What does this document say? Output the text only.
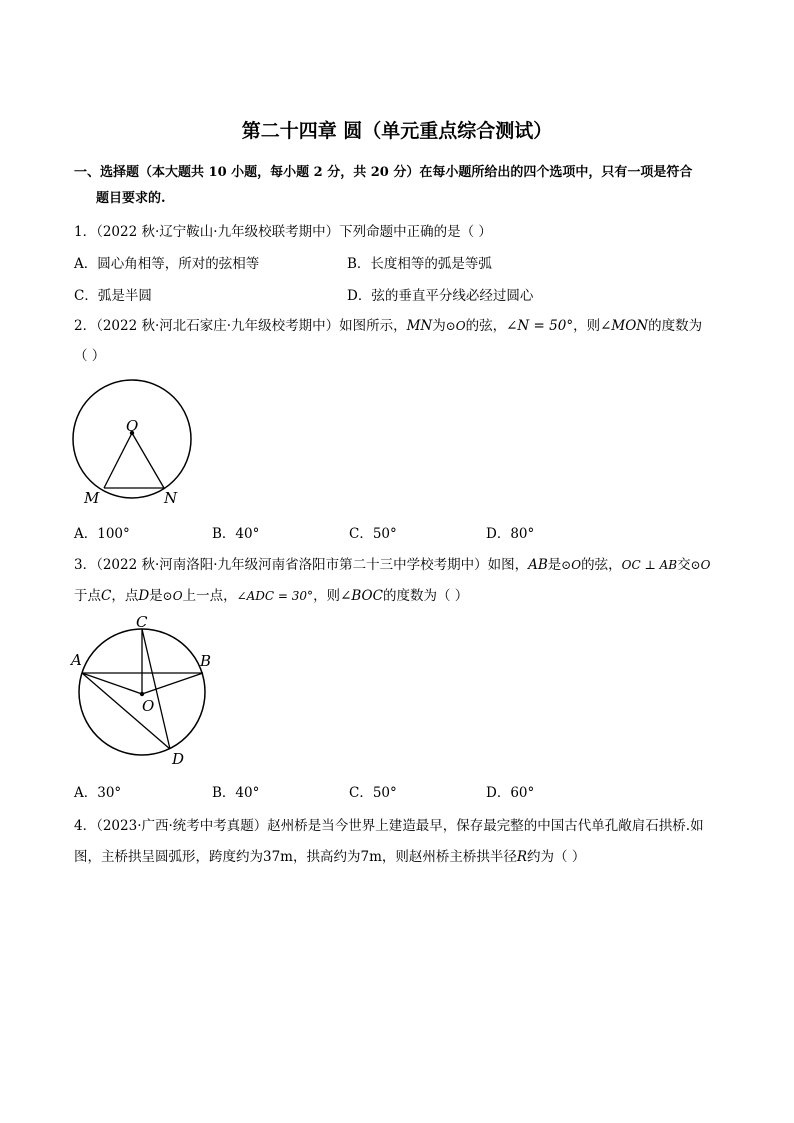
第二十四章 圆（单元重点综合测试）
一、选择题（本大题共 10 小题，每小题 2 分，共 20 分）在每小题所给出的四个选项中，只有一项是符合
题目要求的.
1．（2022 秋·辽宁鞍山·九年级校联考期中）下列命题中正确的是（ ）
A．圆心角相等，所对的弦相等	B．长度相等的弧是等弧
C．弧是半圆	D．弦的垂直平分线必经过圆心
2．（2022 秋·河北石家庄·九年级校考期中）如图所示，MN为⊙O的弦，∠N = 50°，则∠MON的度数为
（ ）
O
M	N
A．100°	B．40°	C．50°	D．80°
3．（2022 秋·河南洛阳·九年级河南省洛阳市第二十三中学校考期中）如图，AB是⊙O的弦，OC ⊥ AB交⊙O
于点C，点D是⊙O上一点，∠ADC = 30°，则∠BOC的度数为（ ）
C
A	B
O
D
A．30°	B．40°	C．50°	D．60°
4．（2023·广西·统考中考真题）赵州桥是当今世界上建造最早，保存最完整的中国古代单孔敞肩石拱桥.如
图，主桥拱呈圆弧形，跨度约为37m，拱高约为7m，则赵州桥主桥拱半径R约为（ ）
